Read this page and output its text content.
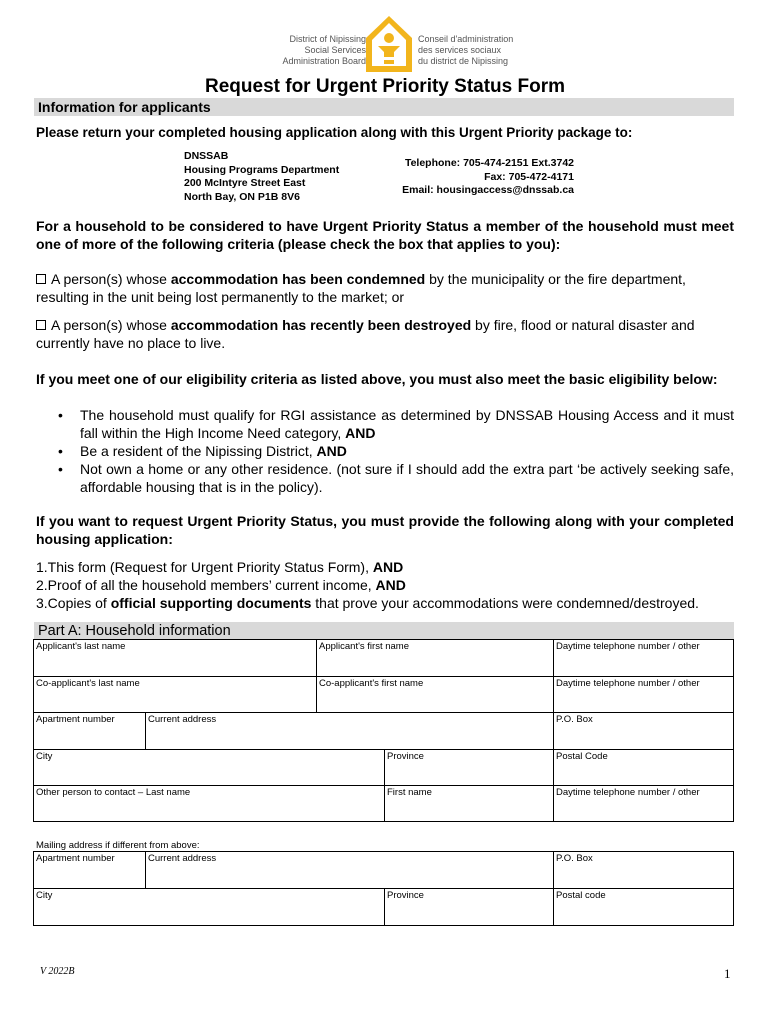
District of Nipissing
Social Services
Administration Board
Conseil d'administration
des services sociaux
du district de Nipissing
Request for Urgent Priority Status Form
Information for applicants
Please return your completed housing application along with this Urgent Priority package to:
DNSSAB
Housing Programs Department
200 McIntyre Street East
North Bay, ON P1B 8V6
Telephone: 705-474-2151 Ext.3742
Fax: 705-472-4171
Email: housingaccess@dnssab.ca
For a household to be considered to have Urgent Priority Status a member of the household must meet one of more of the following criteria (please check the box that applies to you):
A person(s) whose accommodation has been condemned by the municipality or the fire department, resulting in the unit being lost permanently to the market; or
A person(s) whose accommodation has recently been destroyed by fire, flood or natural disaster and currently have no place to live.
If you meet one of our eligibility criteria as listed above, you must also meet the basic eligibility below:
• The household must qualify for RGI assistance as determined by DNSSAB Housing Access and it must fall within the High Income Need category, AND
• Be a resident of the Nipissing District, AND
• Not own a home or any other residence. (not sure if I should add the extra part ‘be actively seeking safe, affordable housing that is in the policy).
If you want to request Urgent Priority Status, you must provide the following along with your completed housing application:
1.This form (Request for Urgent Priority Status Form), AND
2.Proof of all the household members’ current income, AND
3.Copies of official supporting documents that prove your accommodations were condemned/destroyed.
Part A: Household information
Applicant's last name	Applicant's first name	Daytime telephone number / other
Co-applicant's last name	Co-applicant's first name	Daytime telephone number / other
Apartment number	Current address	P.O. Box
City	Province	Postal Code
Other person to contact – Last name	First name	Daytime telephone number / other
Mailing address if different from above:
Apartment number	Current address	P.O. Box
City	Province	Postal code
V 2022B	1
